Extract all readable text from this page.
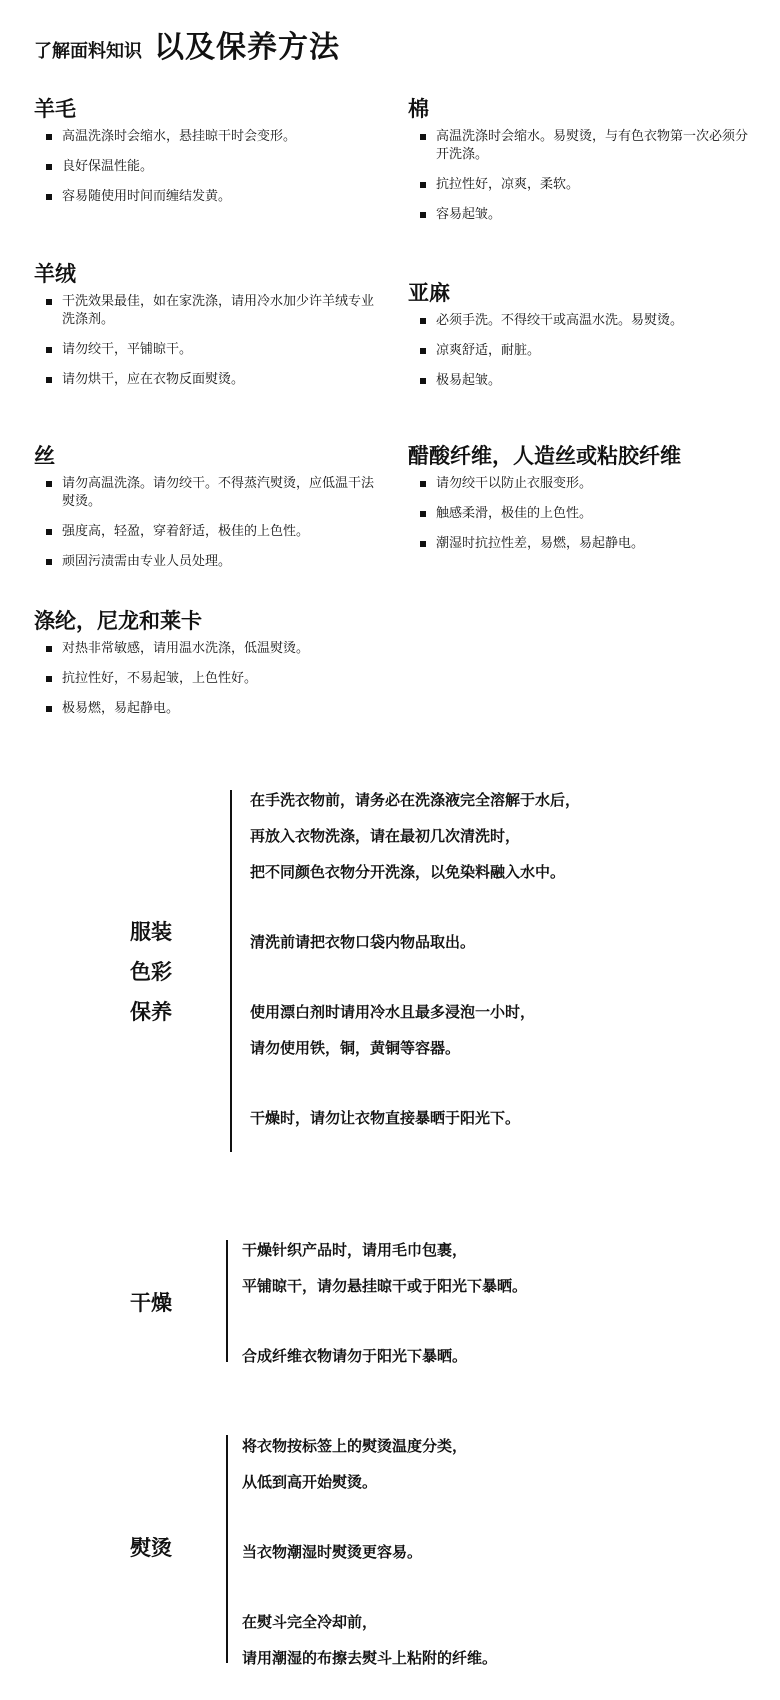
了解面料知识 以及保养方法
羊毛
高温洗涤时会缩水，悬挂晾干时会变形。
良好保温性能。
容易随使用时间而缠结发黄。
棉
高温洗涤时会缩水。易熨烫，与有色衣物第一次必须分开洗涤。
抗拉性好，凉爽，柔软。
容易起皱。
羊绒
干洗效果最佳，如在家洗涤，请用冷水加少许羊绒专业洗涤剂。
请勿绞干，平铺晾干。
请勿烘干，应在衣物反面熨烫。
亚麻
必须手洗。不得绞干或高温水洗。易熨烫。
凉爽舒适，耐脏。
极易起皱。
丝
请勿高温洗涤。请勿绞干。不得蒸汽熨烫，应低温干法熨烫。
强度高，轻盈，穿着舒适，极佳的上色性。
顽固污渍需由专业人员处理。
醋酸纤维，人造丝或粘胶纤维
请勿绞干以防止衣服变形。
触感柔滑，极佳的上色性。
潮湿时抗拉性差，易燃，易起静电。
涤纶，尼龙和莱卡
对热非常敏感，请用温水洗涤，低温熨烫。
抗拉性好，不易起皱，上色性好。
极易燃，易起静电。
服装
色彩
保养

在手洗衣物前，请务必在洗涤液完全溶解于水后，

再放入衣物洗涤，请在最初几次清洗时，

把不同颜色衣物分开洗涤，以免染料融入水中。

清洗前请把衣物口袋内物品取出。

使用漂白剂时请用冷水且最多浸泡一小时，

请勿使用铁，铜，黄铜等容器。

干燥时，请勿让衣物直接暴晒于阳光下。

干燥

干燥针织产品时，请用毛巾包裹，

平铺晾干，请勿悬挂晾干或于阳光下暴晒。

合成纤维衣物请勿于阳光下暴晒。

熨烫

将衣物按标签上的熨烫温度分类，

从低到高开始熨烫。

当衣物潮湿时熨烫更容易。

在熨斗完全冷却前，

请用潮湿的布擦去熨斗上粘附的纤维。
